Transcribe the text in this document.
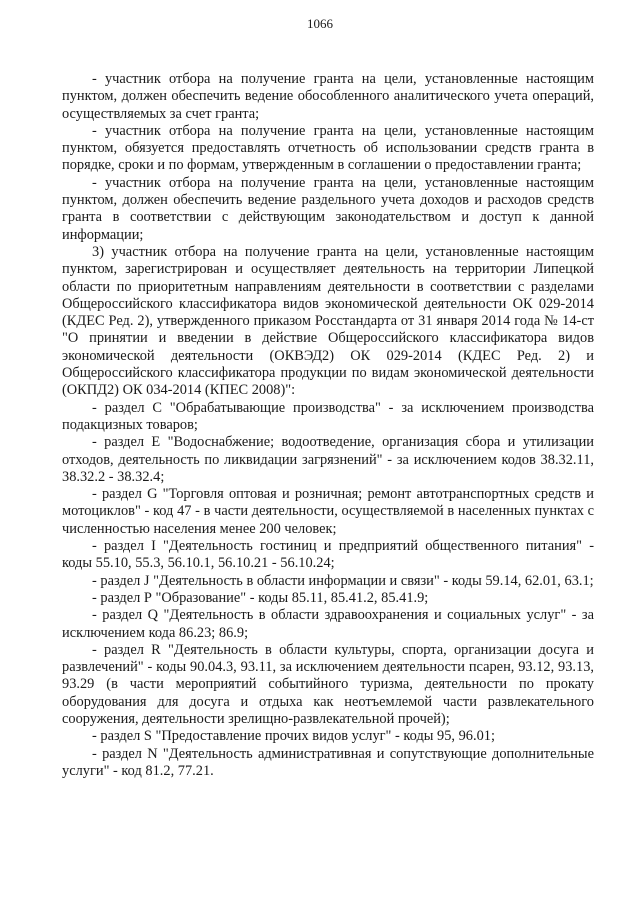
1066

- участник отбора на получение гранта на цели, установленные настоящим пунктом, должен обеспечить ведение обособленного аналитического учета операций, осуществляемых за счет гранта;

- участник отбора на получение гранта на цели, установленные настоящим пунктом, обязуется предоставлять отчетность об использовании средств гранта в порядке, сроки и по формам, утвержденным в соглашении о предоставлении гранта;

- участник отбора на получение гранта на цели, установленные настоящим пунктом, должен обеспечить ведение раздельного учета доходов и расходов средств гранта в соответствии с действующим законодательством и доступ к данной информации;

3) участник отбора на получение гранта на цели, установленные настоящим пунктом, зарегистрирован и осуществляет деятельность на территории Липецкой области по приоритетным направлениям деятельности в соответствии с разделами Общероссийского классификатора видов экономической деятельности ОК 029-2014 (КДЕС Ред. 2), утвержденного приказом Росстандарта от 31 января 2014 года № 14-ст "О принятии и введении в действие Общероссийского классификатора видов экономической деятельности (ОКВЭД2) ОК 029-2014 (КДЕС Ред. 2) и Общероссийского классификатора продукции по видам экономической деятельности (ОКПД2) ОК 034-2014 (КПЕС 2008)":

- раздел С "Обрабатывающие производства" - за исключением производства подакцизных товаров;

- раздел Е "Водоснабжение; водоотведение, организация сбора и утилизации отходов, деятельность по ликвидации загрязнений" - за исключением кодов 38.32.11, 38.32.2 - 38.32.4;

- раздел G "Торговля оптовая и розничная; ремонт автотранспортных средств и мотоциклов" - код 47 - в части деятельности, осуществляемой в населенных пунктах с численностью населения менее 200 человек;

- раздел I "Деятельность гостиниц и предприятий общественного питания" - коды 55.10, 55.3, 56.10.1, 56.10.21 - 56.10.24;

- раздел J "Деятельность в области информации и связи" - коды 59.14, 62.01, 63.1;

- раздел Р "Образование" - коды 85.11, 85.41.2, 85.41.9;

- раздел Q "Деятельность в области здравоохранения и социальных услуг" - за исключением кода 86.23; 86.9;

- раздел R "Деятельность в области культуры, спорта, организации досуга и развлечений" - коды 90.04.3, 93.11, за исключением деятельности псарен, 93.12, 93.13, 93.29 (в части мероприятий событийного туризма, деятельности по прокату оборудования для досуга и отдыха как неотъемлемой части развлекательного сооружения, деятельности зрелищно-развлекательной прочей);

- раздел S "Предоставление прочих видов услуг" - коды 95, 96.01;

- раздел N "Деятельность административная и сопутствующие дополнительные услуги" - код 81.2, 77.21.
